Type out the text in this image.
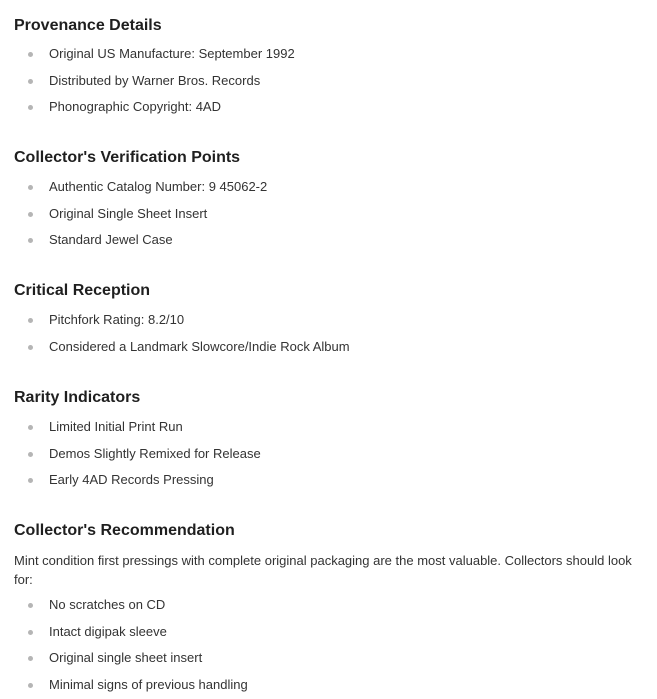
Provenance Details
Original US Manufacture: September 1992
Distributed by Warner Bros. Records
Phonographic Copyright: 4AD
Collector's Verification Points
Authentic Catalog Number: 9 45062-2
Original Single Sheet Insert
Standard Jewel Case
Critical Reception
Pitchfork Rating: 8.2/10
Considered a Landmark Slowcore/Indie Rock Album
Rarity Indicators
Limited Initial Print Run
Demos Slightly Remixed for Release
Early 4AD Records Pressing
Collector's Recommendation

Mint condition first pressings with complete original packaging are the most valuable. Collectors should look for:

No scratches on CD
Intact digipak sleeve
Original single sheet insert
Minimal signs of previous handling
